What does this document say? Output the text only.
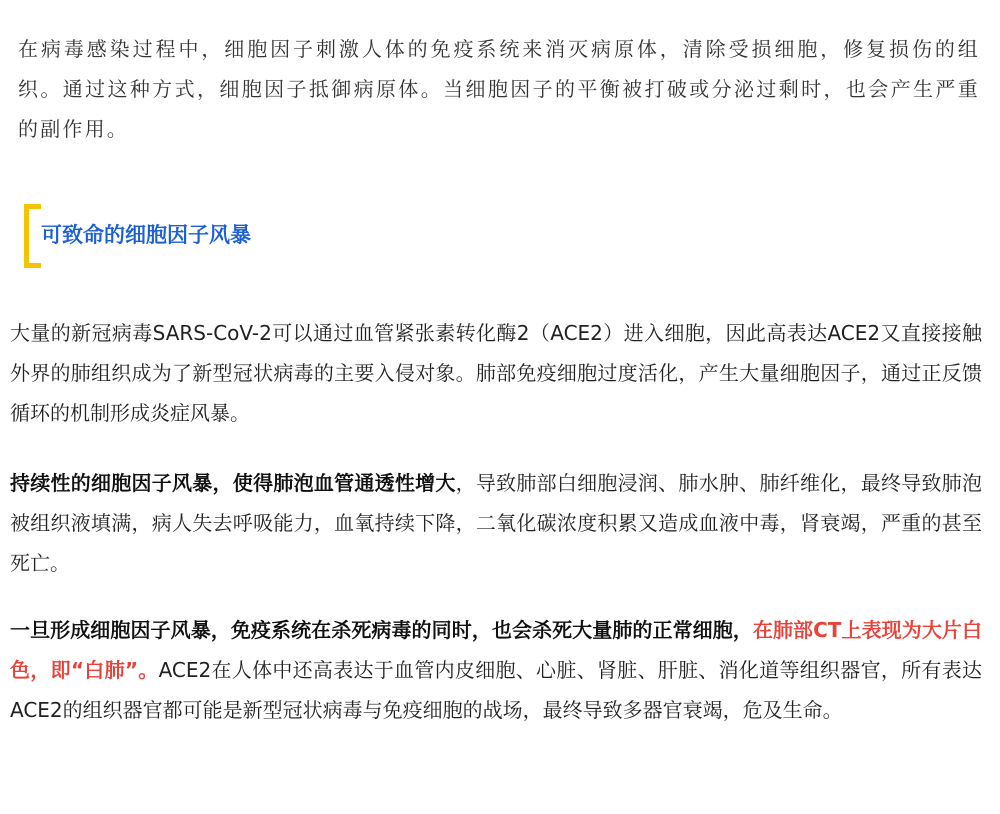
在病毒感染过程中，细胞因子刺激人体的免疫系统来消灭病原体，清除受损细胞，修复损伤的组织。通过这种方式，细胞因子抵御病原体。当细胞因子的平衡被打破或分泌过剩时，也会产生严重的副作用。

可致命的细胞因子风暴

大量的新冠病毒SARS-CoV-2可以通过血管紧张素转化酶2（ACE2）进入细胞，因此高表达ACE2又直接接触外界的肺组织成为了新型冠状病毒的主要入侵对象。肺部免疫细胞过度活化，产生大量细胞因子，通过正反馈循环的机制形成炎症风暴。

持续性的细胞因子风暴，使得肺泡血管通透性增大，导致肺部白细胞浸润、肺水肿、肺纤维化，最终导致肺泡被组织液填满，病人失去呼吸能力，血氧持续下降，二氧化碳浓度积累又造成血液中毒，肾衰竭，严重的甚至死亡。

一旦形成细胞因子风暴，免疫系统在杀死病毒的同时，也会杀死大量肺的正常细胞，在肺部CT上表现为大片白色，即“白肺”。ACE2在人体中还高表达于血管内皮细胞、心脏、肾脏、肝脏、消化道等组织器官，所有表达ACE2的组织器官都可能是新型冠状病毒与免疫细胞的战场，最终导致多器官衰竭，危及生命。
